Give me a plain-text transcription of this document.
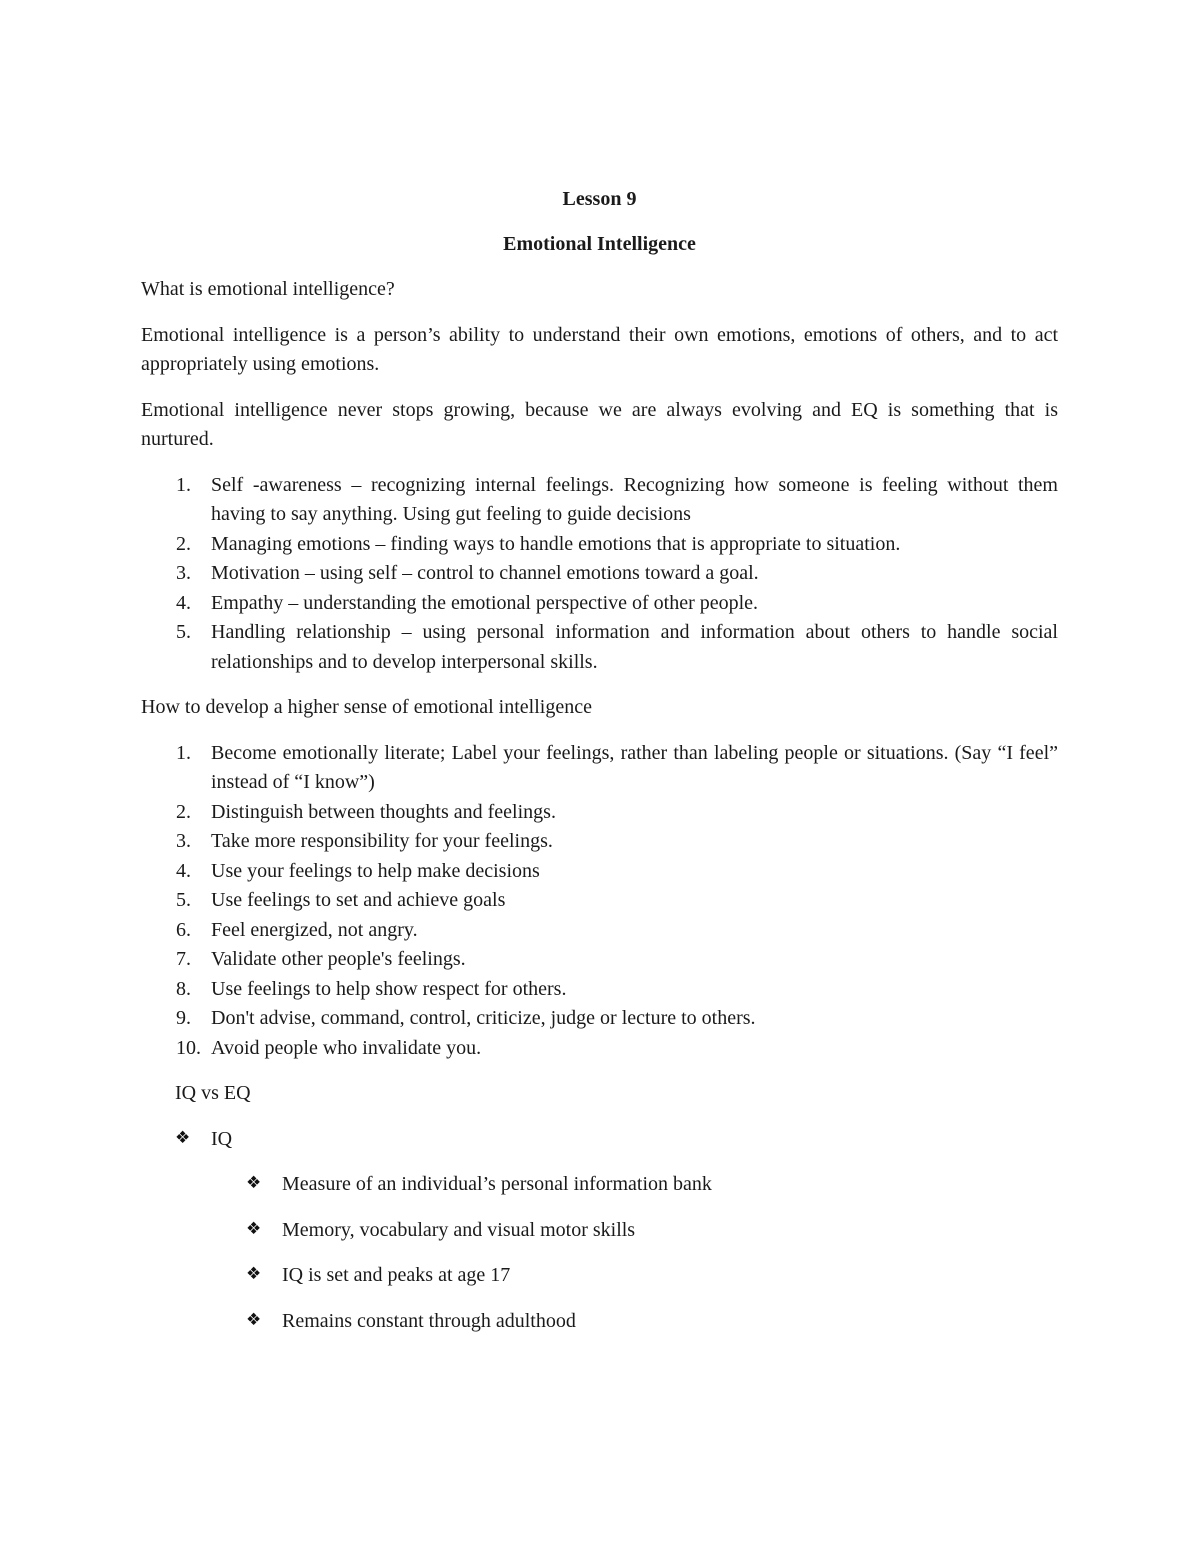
Lesson 9

Emotional Intelligence

What is emotional intelligence?

Emotional intelligence is a person’s ability to understand their own emotions, emotions of others, and to act appropriately using emotions.

Emotional intelligence never stops growing, because we are always evolving and EQ is something that is nurtured.

1. Self -awareness – recognizing internal feelings. Recognizing how someone is feeling without them having to say anything. Using gut feeling to guide decisions
2. Managing emotions – finding ways to handle emotions that is appropriate to situation.
3. Motivation – using self – control to channel emotions toward a goal.
4. Empathy – understanding the emotional perspective of other people.
5. Handling relationship – using personal information and information about others to handle social relationships and to develop interpersonal skills.

How to develop a higher sense of emotional intelligence

1. Become emotionally literate; Label your feelings, rather than labeling people or situations. (Say “I feel” instead of “I know”)
2. Distinguish between thoughts and feelings.
3. Take more responsibility for your feelings.
4. Use your feelings to help make decisions
5. Use feelings to set and achieve goals
6. Feel energized, not angry.
7. Validate other people's feelings.
8. Use feelings to help show respect for others.
9. Don't advise, command, control, criticize, judge or lecture to others.
10. Avoid people who invalidate you.

IQ vs EQ

❖IQ

❖Measure of an individual’s personal information bank

❖Memory, vocabulary and visual motor skills

❖IQ is set and peaks at age 17

❖Remains constant through adulthood
